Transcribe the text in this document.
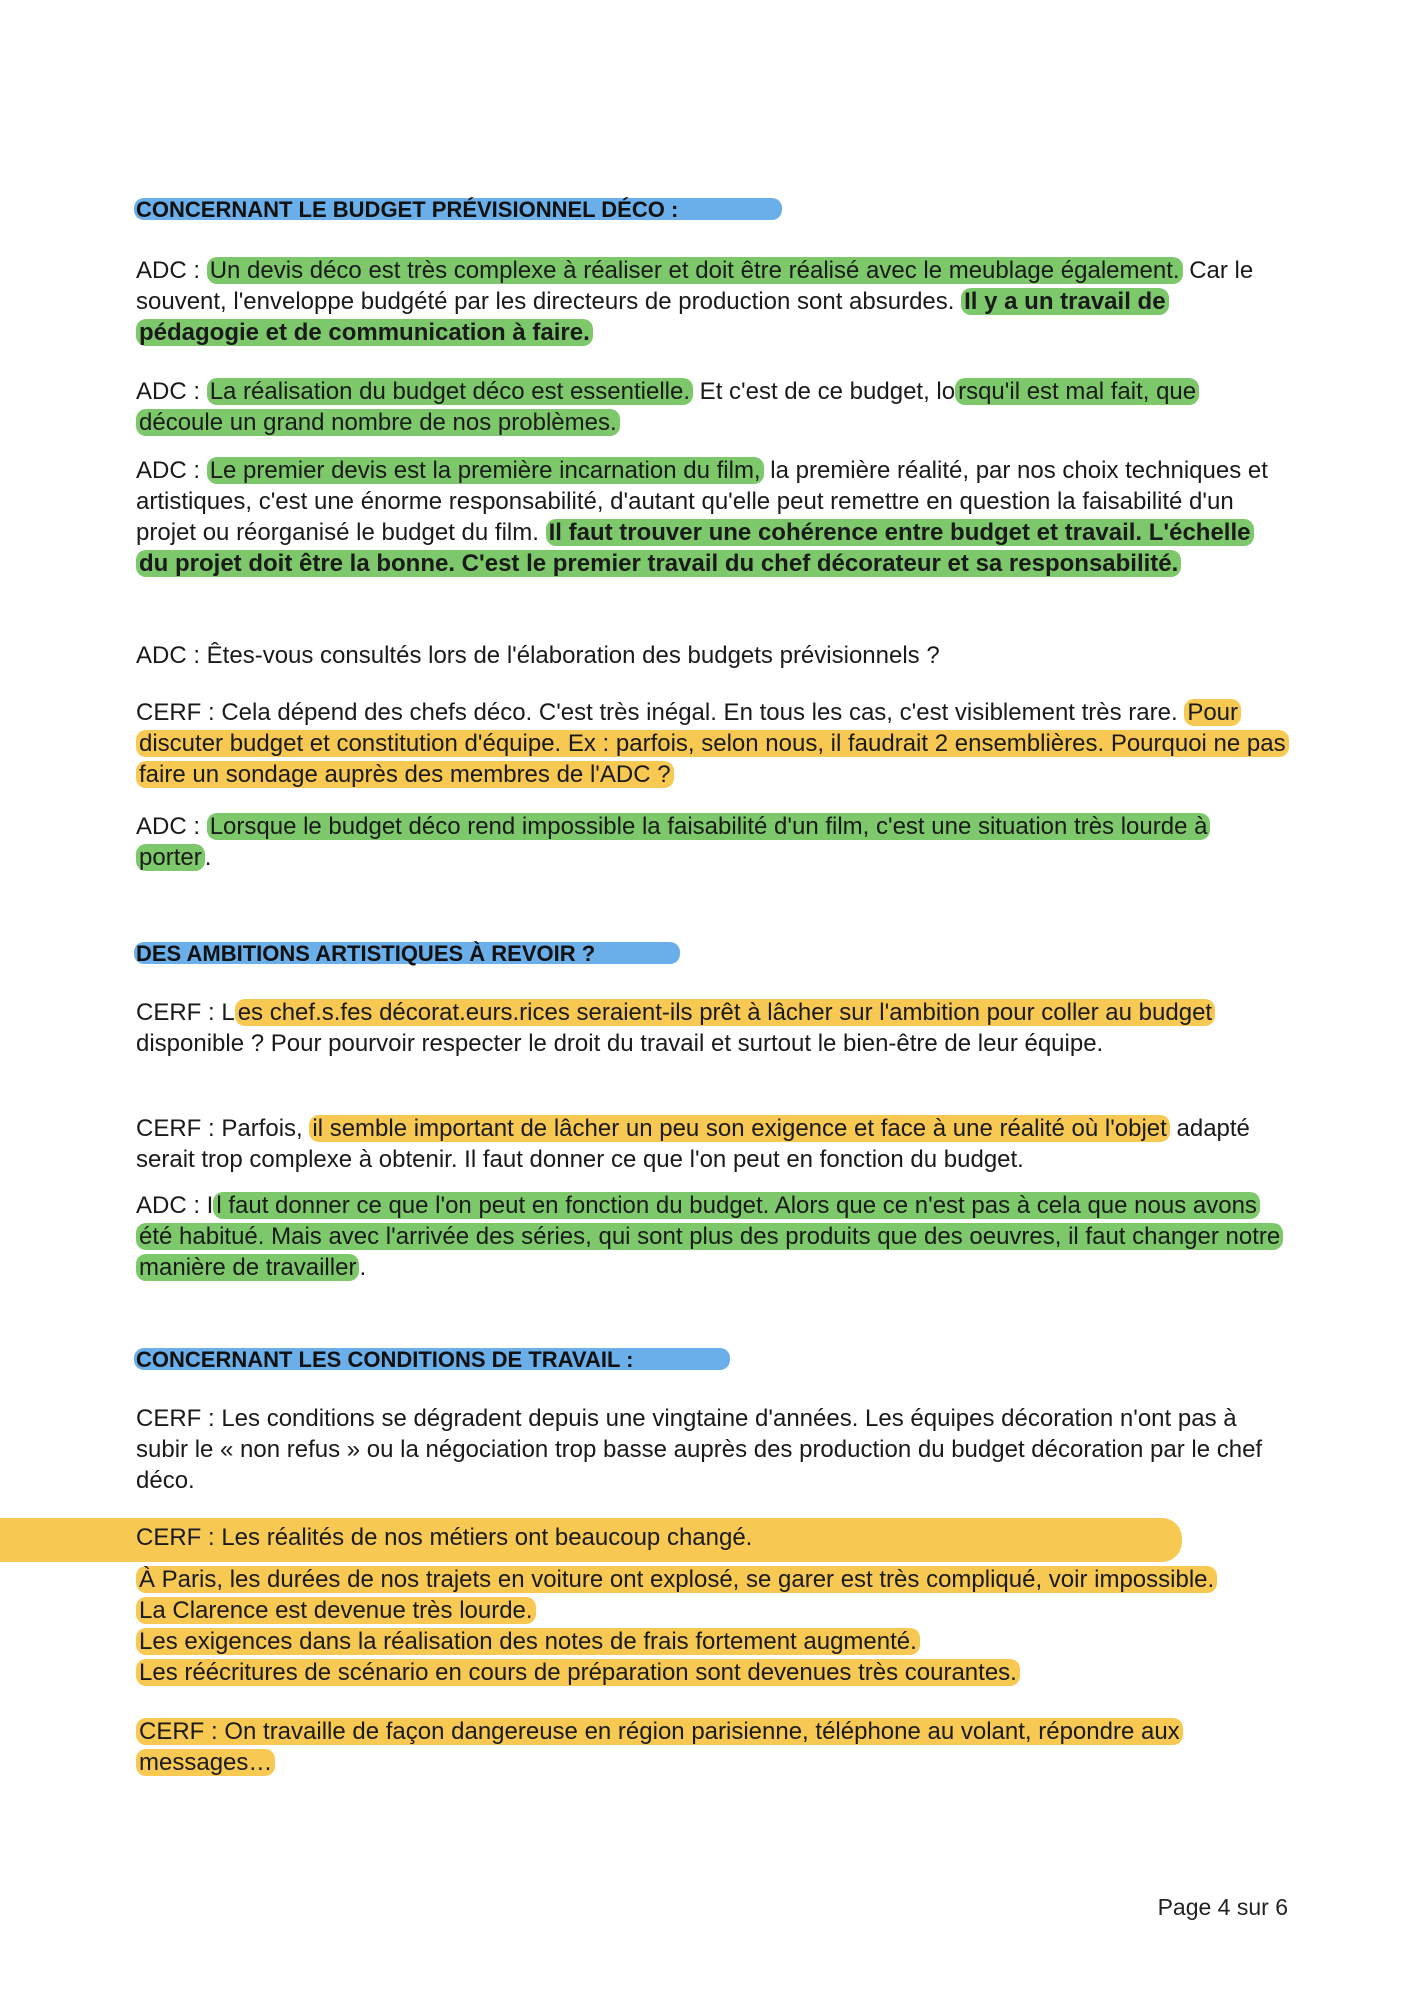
CONCERNANT LE BUDGET PRÉVISIONNEL DÉCO :

ADC : Un devis déco est très complexe à réaliser et doit être réalisé avec le meublage également. Car le souvent, l'enveloppe budgété par les directeurs de production sont absurdes. Il y a un travail de pédagogie et de communication à faire.

ADC : La réalisation du budget déco est essentielle. Et c'est de ce budget, lo rsqu'il est mal fait, que découle un grand nombre de nos problèmes.

ADC : Le premier devis est la première incarnation du film, la première réalité, par nos choix techniques et artistiques, c'est une énorme responsabilité, d'autant qu'elle peut remettre en question la faisabilité d'un projet ou réorganisé le budget du film. Il faut trouver une cohérence entre budget et travail. L'échelle du projet doit être la bonne. C'est le premier travail du chef décorateur et sa responsabilité.

ADC : Êtes-vous consultés lors de l'élaboration des budgets prévisionnels ?

CERF : Cela dépend des chefs déco. C'est très inégal. En tous les cas, c'est visiblement très rare. Pour discuter budget et constitution d'équipe. Ex : parfois, selon nous, il faudrait 2 ensemblières. Pourquoi ne pas faire un sondage auprès des membres de l'ADC ?

ADC : Lorsque le budget déco rend impossible la faisabilité d'un film, c'est une situation très lourde à porter .

DES AMBITIONS ARTISTIQUES À REVOIR ?

CERF : L es chef.s.fes décorat.eurs.rices seraient-ils prêt à lâcher sur l'ambition pour coller au budget disponible ? Pour pourvoir respecter le droit du travail et surtout le bien-être de leur équipe.

CERF : Parfois, il semble important de lâcher un peu son exigence et face à une réalité où l'objet adapté serait trop complexe à obtenir. Il faut donner ce que l'on peut en fonction du budget.

ADC : I l faut donner ce que l'on peut en fonction du budget. Alors que ce n'est pas à cela que nous avons été habitué. Mais avec l'arrivée des séries, qui sont plus des produits que des oeuvres, il faut changer notre manière de travailler .

CONCERNANT LES CONDITIONS DE TRAVAIL :

CERF : Les conditions se dégradent depuis une vingtaine d'années. Les équipes décoration n'ont pas à subir le « non refus » ou la négociation trop basse auprès des production du budget décoration par le chef déco.

CERF : Les réalités de nos métiers ont beaucoup changé.

À Paris, les durées de nos trajets en voiture ont explosé, se garer est très compliqué, voir impossible.
La Clarence est devenue très lourde.
Les exigences dans la réalisation des notes de frais fortement augmenté.
Les réécritures de scénario en cours de préparation sont devenues très courantes.

CERF : On travaille de façon dangereuse en région parisienne, téléphone au volant, répondre aux messages…

Page 4 sur 6
